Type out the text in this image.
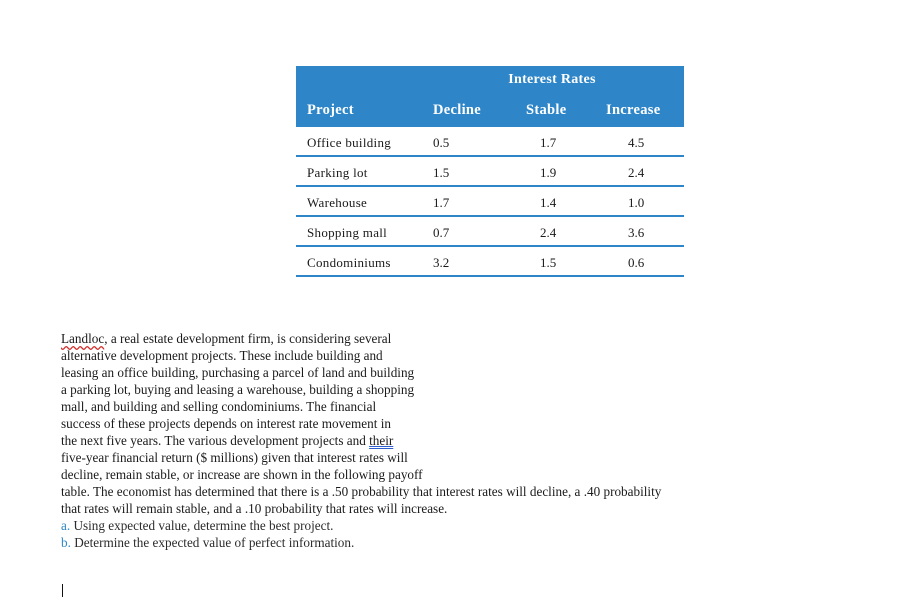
Interest Rates
Project	Decline	Stable	Increase
Office building	0.5	1.7	4.5
Parking lot	1.5	1.9	2.4
Warehouse	1.7	1.4	1.0
Shopping mall	0.7	2.4	3.6
Condominiums	3.2	1.5	0.6
Landloc, a real estate development firm, is considering several
alternative development projects. These include building and
leasing an office building, purchasing a parcel of land and building
a parking lot, buying and leasing a warehouse, building a shopping
mall, and building and selling condominiums. The financial
success of these projects depends on interest rate movement in
the next five years. The various development projects and their
five-year financial return ($ millions) given that interest rates will
decline, remain stable, or increase are shown in the following payoff
table. The economist has determined that there is a .50 probability that interest rates will decline, a .40 probability
that rates will remain stable, and a .10 probability that rates will increase.
a. Using expected value, determine the best project.
b. Determine the expected value of perfect information.
